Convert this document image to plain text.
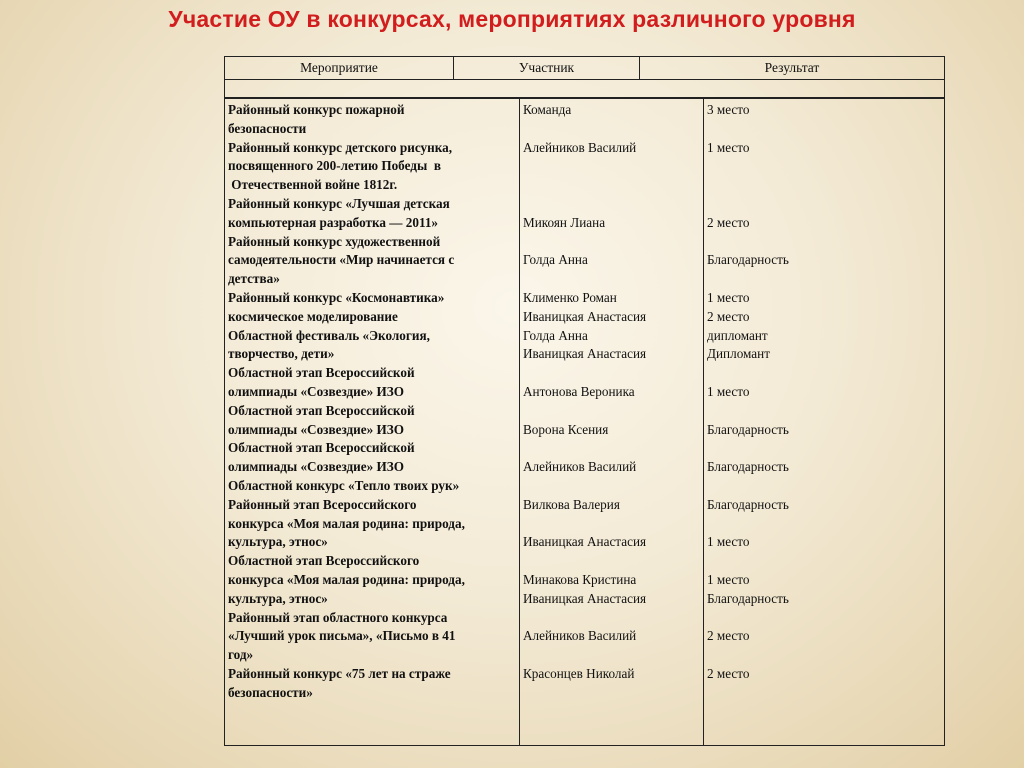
Участие ОУ в конкурсах, мероприятиях различного уровня
Мероприятие	Участник	Результат
Районный конкурс пожарной
безопасности
Районный конкурс детского рисунка,
посвященного 200-летию Победы  в
Отечественной войне 1812г.
Районный конкурс «Лучшая детская
компьютерная разработка — 2011»
Районный конкурс художественной
самодеятельности «Мир начинается с
детства»
Районный конкурс «Космонавтика»
космическое моделирование
Областной фестиваль «Экология,
творчество, дети»
Областной этап Всероссийской
олимпиады «Созвездие» ИЗО
Областной этап Всероссийской
олимпиады «Созвездие» ИЗО
Областной этап Всероссийской
олимпиады «Созвездие» ИЗО
Областной конкурс «Тепло твоих рук»
Районный этап Всероссийского
конкурса «Моя малая родина: природа,
культура, этнос»
Областной этап Всероссийского
конкурса «Моя малая родина: природа,
культура, этнос»
Районный этап областного конкурса
«Лучший урок письма», «Письмо в 41
год»
Районный конкурс «75 лет на страже
безопасности»
Команда
Алейников Василий
Микоян Лиана
Голда Анна
Клименко Роман
Иваницкая Анастасия
Голда Анна
Иваницкая Анастасия
Антонова Вероника
Ворона Ксения
Алейников Василий
Вилкова Валерия
Иваницкая Анастасия
Минакова Кристина
Иваницкая Анастасия
Алейников Василий
Красонцев Николай
3 место
1 место
2 место
Благодарность
1 место
2 место
дипломант
Дипломант
1 место
Благодарность
Благодарность
Благодарность
1 место
1 место
Благодарность
2 место
2 место
